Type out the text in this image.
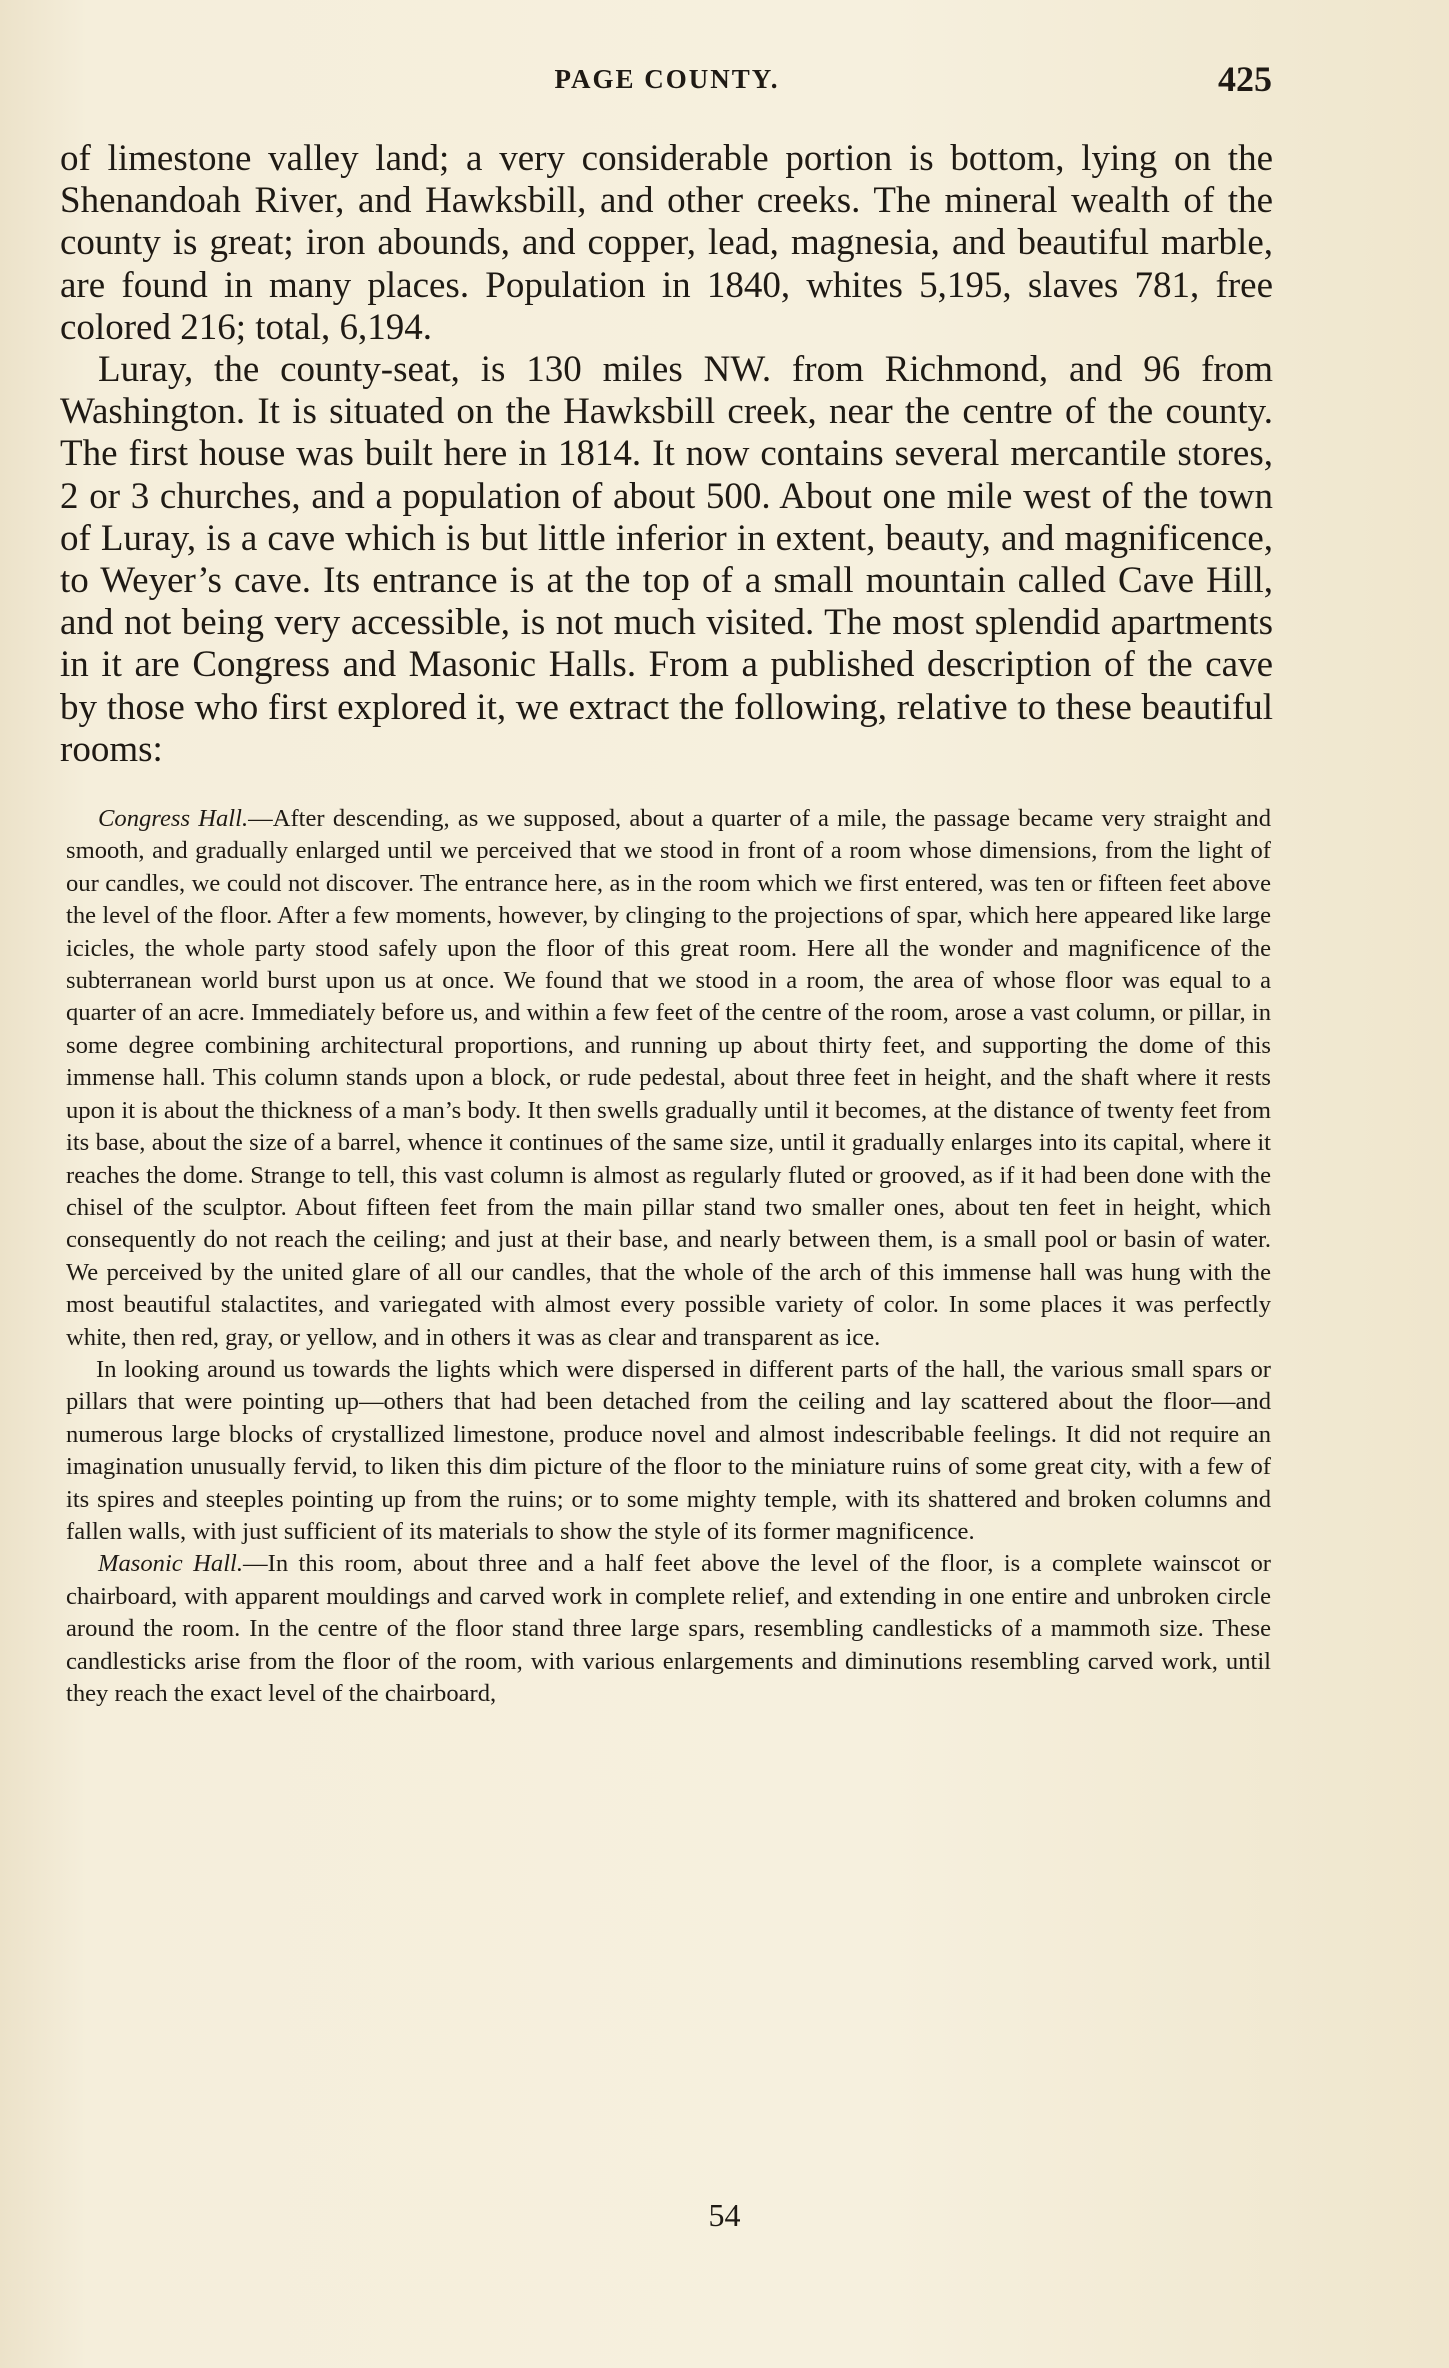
PAGE COUNTY.	425

of limestone valley land; a very considerable portion is bottom, lying on the Shenandoah River, and Hawksbill, and other creeks. The mineral wealth of the county is great; iron abounds, and copper, lead, magnesia, and beautiful marble, are found in many places. Population in 1840, whites 5,195, slaves 781, free colored 216; total, 6,194.

Luray, the county-seat, is 130 miles NW. from Richmond, and 96 from Washington. It is situated on the Hawksbill creek, near the centre of the county. The first house was built here in 1814. It now contains several mercantile stores, 2 or 3 churches, and a population of about 500. About one mile west of the town of Luray, is a cave which is but little inferior in extent, beauty, and magnificence, to Weyer’s cave. Its entrance is at the top of a small mountain called Cave Hill, and not being very accessible, is not much visited. The most splendid apartments in it are Congress and Masonic Halls. From a published description of the cave by those who first explored it, we extract the following, relative to these beautiful rooms:

Congress Hall.—After descending, as we supposed, about a quarter of a mile, the passage became very straight and smooth, and gradually enlarged until we perceived that we stood in front of a room whose dimensions, from the light of our candles, we could not discover. The entrance here, as in the room which we first entered, was ten or fifteen feet above the level of the floor. After a few moments, however, by clinging to the projections of spar, which here appeared like large icicles, the whole party stood safely upon the floor of this great room. Here all the wonder and magnificence of the subterranean world burst upon us at once. We found that we stood in a room, the area of whose floor was equal to a quarter of an acre. Immediately before us, and within a few feet of the centre of the room, arose a vast column, or pillar, in some degree combining architectural proportions, and running up about thirty feet, and supporting the dome of this immense hall. This column stands upon a block, or rude pedestal, about three feet in height, and the shaft where it rests upon it is about the thickness of a man’s body. It then swells gradually until it becomes, at the distance of twenty feet from its base, about the size of a barrel, whence it continues of the same size, until it gradually enlarges into its capital, where it reaches the dome. Strange to tell, this vast column is almost as regularly fluted or grooved, as if it had been done with the chisel of the sculptor. About fifteen feet from the main pillar stand two smaller ones, about ten feet in height, which consequently do not reach the ceiling; and just at their base, and nearly between them, is a small pool or basin of water. We perceived by the united glare of all our candles, that the whole of the arch of this immense hall was hung with the most beautiful stalactites, and variegated with almost every possible variety of color. In some places it was perfectly white, then red, gray, or yellow, and in others it was as clear and transparent as ice.

In looking around us towards the lights which were dispersed in different parts of the hall, the various small spars or pillars that were pointing up—others that had been detached from the ceiling and lay scattered about the floor—and numerous large blocks of crystallized limestone, produce novel and almost indescribable feelings. It did not require an imagination unusually fervid, to liken this dim picture of the floor to the miniature ruins of some great city, with a few of its spires and steeples pointing up from the ruins; or to some mighty temple, with its shattered and broken columns and fallen walls, with just sufficient of its materials to show the style of its former magnificence.

Masonic Hall.—In this room, about three and a half feet above the level of the floor, is a complete wainscot or chairboard, with apparent mouldings and carved work in complete relief, and extending in one entire and unbroken circle around the room. In the centre of the floor stand three large spars, resembling candlesticks of a mammoth size. These candlesticks arise from the floor of the room, with various enlargements and diminutions resembling carved work, until they reach the exact level of the chairboard,

54
